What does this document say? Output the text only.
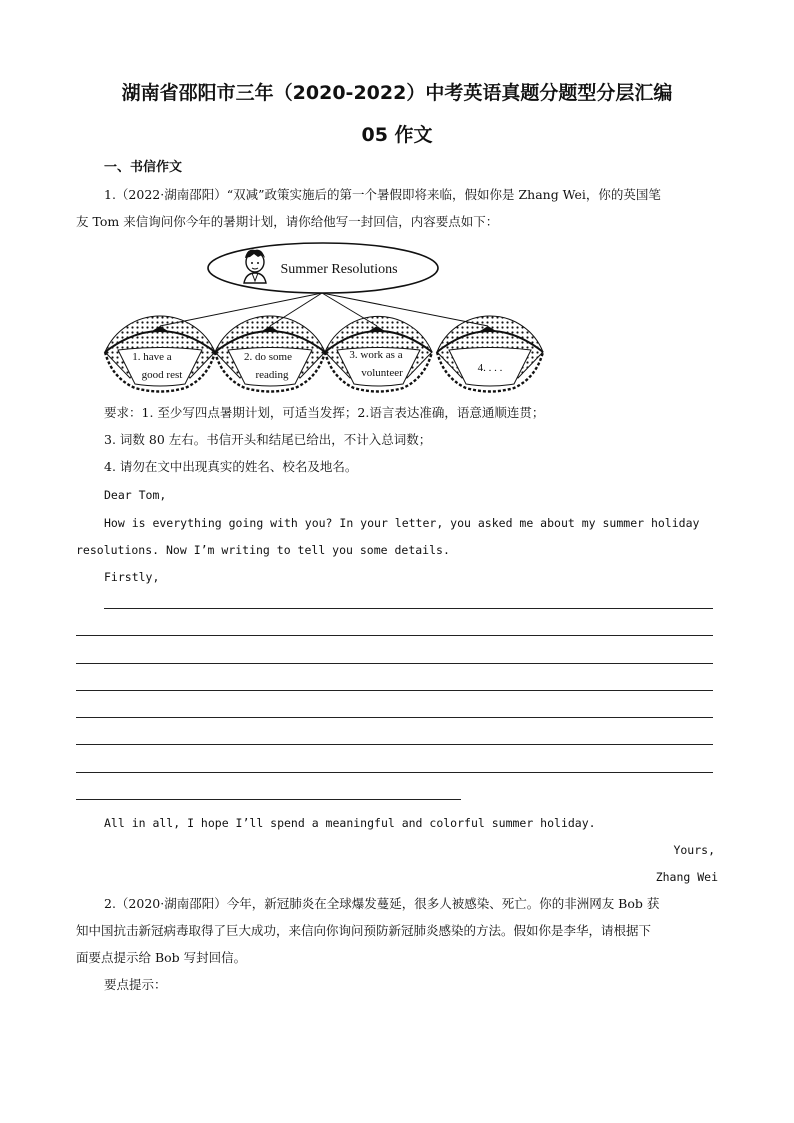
湖南省邵阳市三年（2020-2022）中考英语真题分题型分层汇编
05 作文
一、书信作文
1.（2022·湖南邵阳）“双减”政策实施后的第一个暑假即将来临，假如你是 Zhang Wei，你的英国笔
友 Tom 来信询问你今年的暑期计划，请你给他写一封回信，内容要点如下：
Summer Resolutions
1. have a
good rest
2. do some
reading
3. work as a
volunteer	4. . . .
要求：1. 至少写四点暑期计划，可适当发挥；2.语言表达准确，语意通顺连贯；
3. 词数 80 左右。书信开头和结尾已给出，不计入总词数；
4. 请勿在文中出现真实的姓名、校名及地名。
Dear Tom,
How is everything going with you? In your letter, you asked me about my summer holiday
resolutions. Now I’m writing to tell you some details.
Firstly,
All in all, I hope I’ll spend a meaningful and colorful summer holiday.
Yours,
Zhang Wei
2.（2020·湖南邵阳）今年，新冠肺炎在全球爆发蔓延，很多人被感染、死亡。你的非洲网友 Bob 获
知中国抗击新冠病毒取得了巨大成功，来信向你询问预防新冠肺炎感染的方法。假如你是李华，请根据下
面要点提示给 Bob 写封回信。
要点提示：
